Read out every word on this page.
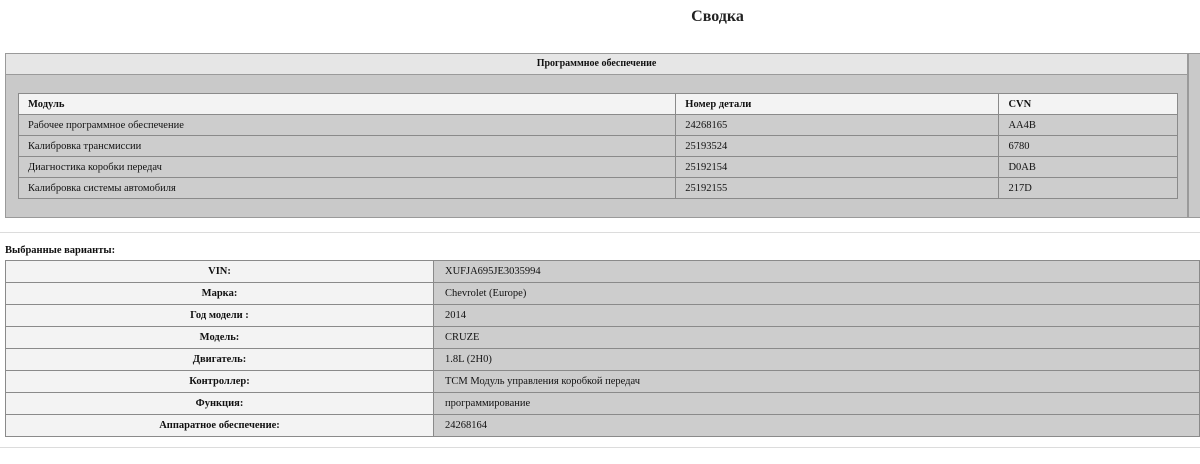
Сводка
Программное обеспечение
Модуль	Номер детали	CVN
Рабочее программное обеспечение	24268165	AA4B
Калибровка трансмиссии	25193524	6780
Диагностика коробки передач	25192154	D0AB
Калибровка системы автомобиля	25192155	217D
Выбранные варианты:
VIN:	XUFJA695JE3035994
Марка:	Chevrolet (Europe)
Год модели :	2014
Модель:	CRUZE
Двигатель:	1.8L (2H0)
Контроллер:	TCM Модуль управления коробкой передач
Функция:	программирование
Аппаратное обеспечение:	24268164
